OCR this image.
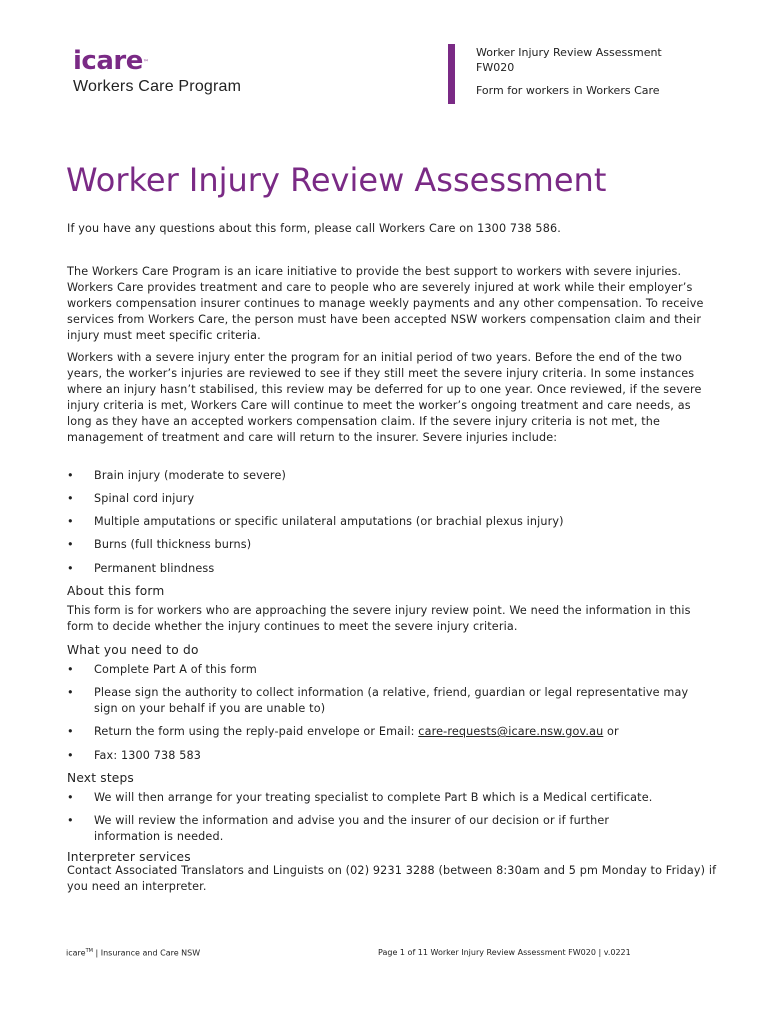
icare™
Workers Care Program
Worker Injury Review Assessment
FW020
Form for workers in Workers Care
Worker Injury Review Assessment

If you have any questions about this form, please call Workers Care on 1300 738 586.

The Workers Care Program is an icare initiative to provide the best support to workers with severe injuries. Workers Care provides treatment and care to people who are severely injured at work while their employer’s workers compensation insurer continues to manage weekly payments and any other compensation. To receive services from Workers Care, the person must have been accepted NSW workers compensation claim and their injury must meet specific criteria.

Workers with a severe injury enter the program for an initial period of two years. Before the end of the two years, the worker’s injuries are reviewed to see if they still meet the severe injury criteria. In some instances where an injury hasn’t stabilised, this review may be deferred for up to one year. Once reviewed, if the severe injury criteria is met, Workers Care will continue to meet the worker’s ongoing treatment and care needs, as long as they have an accepted workers compensation claim. If the severe injury criteria is not met, the management of treatment and care will return to the insurer. Severe injuries include:

•	Brain injury (moderate to severe)
•	Spinal cord injury
•	Multiple amputations or specific unilateral amputations (or brachial plexus injury)
•	Burns (full thickness burns)
•	Permanent blindness
About this form

This form is for workers who are approaching the severe injury review point. We need the information in this form to decide whether the injury continues to meet the severe injury criteria.

What you need to do
•	Complete Part A of this form
•	Please sign the authority to collect information (a relative, friend, guardian or legal representative may sign on your behalf if you are unable to)
•	Return the form using the reply-paid envelope or Email: care-requests@icare.nsw.gov.au or
•	Fax: 1300 738 583
Next steps
•	We will then arrange for your treating specialist to complete Part B which is a Medical certificate.
•	We will review the information and advise you and the insurer of our decision or if further information is needed.
Interpreter services

Contact Associated Translators and Linguists on (02) 9231 3288 (between 8:30am and 5 pm Monday to Friday) if you need an interpreter.

icare™ | Insurance and Care NSW	Page 1 of 11 Worker Injury Review Assessment FW020 | v.0221
